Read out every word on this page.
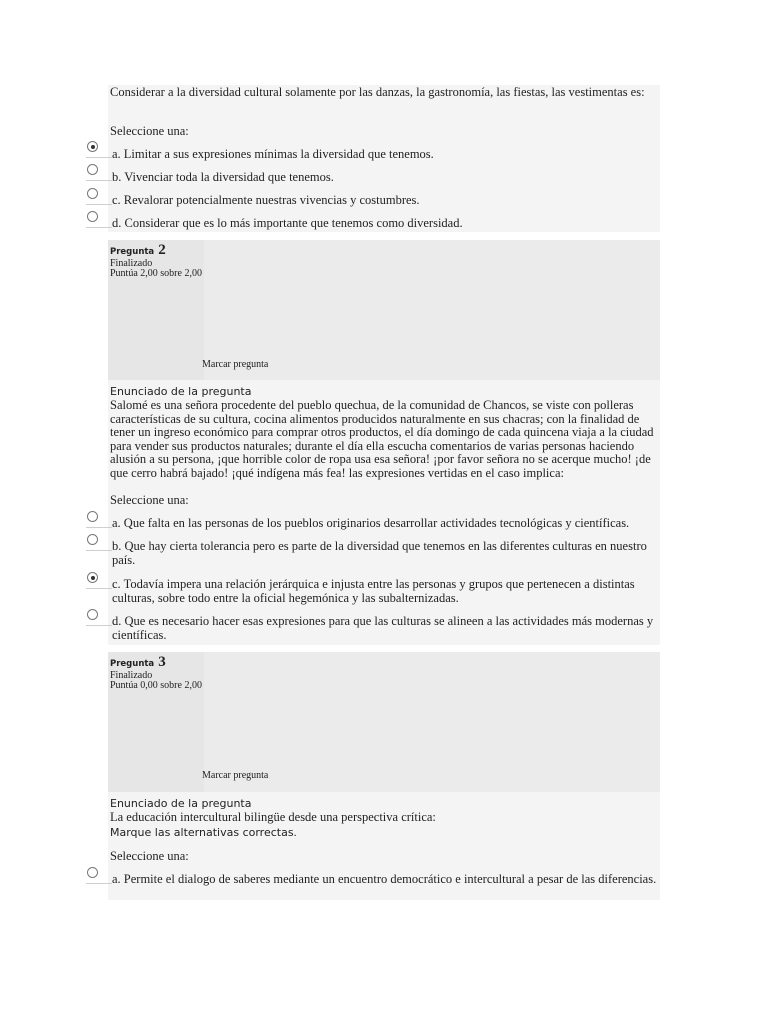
Considerar a la diversidad cultural solamente por las danzas, la gastronomía, las fiestas, las vestimentas es:
Seleccione una:
a. Limitar a sus expresiones mínimas la diversidad que tenemos.
b. Vivenciar toda la diversidad que tenemos.
c. Revalorar potencialmente nuestras vivencias y costumbres.
d. Considerar que es lo más importante que tenemos como diversidad.
Pregunta 2
Finalizado
Puntúa 2,00 sobre 2,00
Marcar pregunta
Enunciado de la pregunta
Salomé es una señora procedente del pueblo quechua, de la comunidad de Chancos, se viste con polleras características de su cultura, cocina alimentos producidos naturalmente en sus chacras; con la finalidad de tener un ingreso económico para comprar otros productos, el día domingo de cada quincena viaja a la ciudad para vender sus productos naturales; durante el día ella escucha comentarios de varias personas haciendo alusión a su persona, ¡que horrible color de ropa usa esa señora! ¡por favor señora no se acerque mucho! ¡de que cerro habrá bajado! ¡qué indígena más fea! las expresiones vertidas en el caso implica:
Seleccione una:
a. Que falta en las personas de los pueblos originarios desarrollar actividades tecnológicas y científicas.
b. Que hay cierta tolerancia pero es parte de la diversidad que tenemos en las diferentes culturas en nuestro país.
c. Todavía impera una relación jerárquica e injusta entre las personas y grupos que pertenecen a distintas culturas, sobre todo entre la oficial hegemónica y las subalternizadas.
d. Que es necesario hacer esas expresiones para que las culturas se alineen a las actividades más modernas y científicas.
Pregunta 3
Finalizado
Puntúa 0,00 sobre 2,00
Marcar pregunta
Enunciado de la pregunta
La educación intercultural bilingüe desde una perspectiva crítica:
Marque las alternativas correctas.
Seleccione una:
a. Permite el dialogo de saberes mediante un encuentro democrático e intercultural a pesar de las diferencias.
